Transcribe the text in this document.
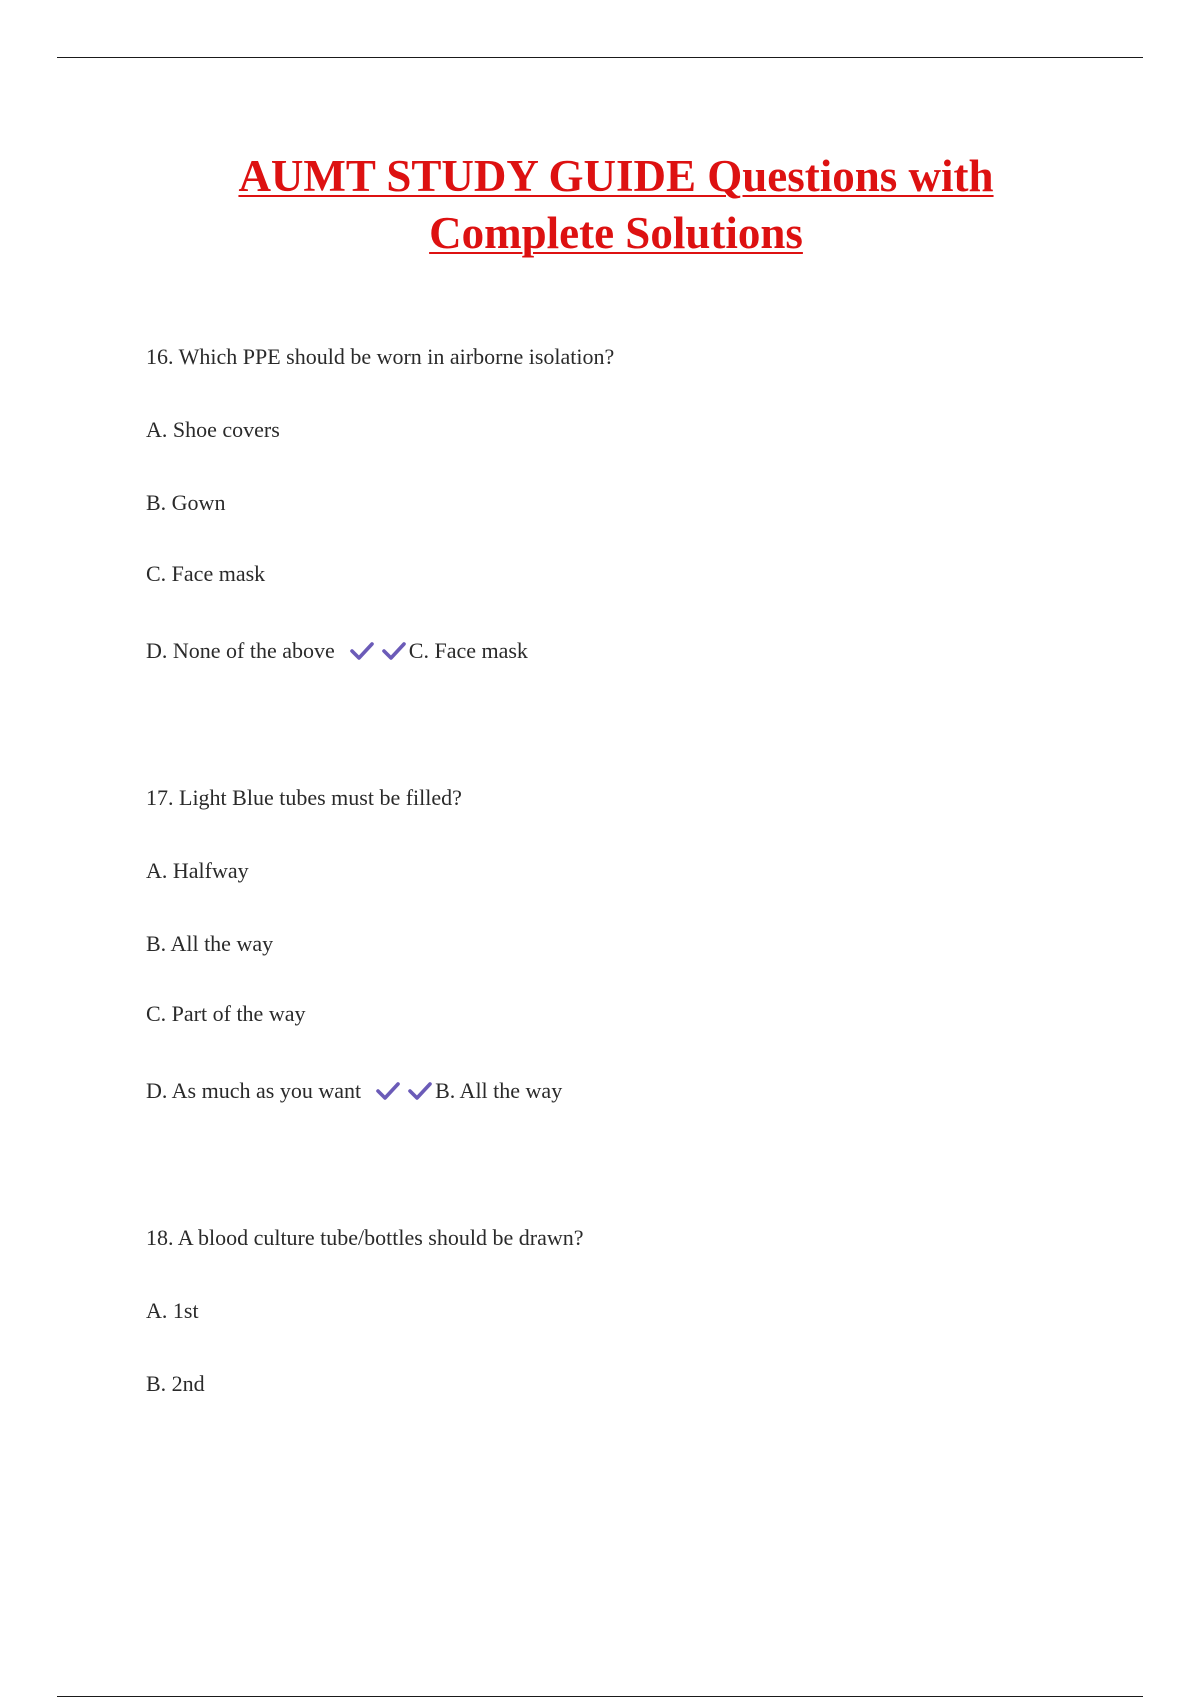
AUMT STUDY GUIDE Questions with
Complete Solutions
16. Which PPE should be worn in airborne isolation?
A. Shoe covers
B. Gown
C. Face mask
D. None of the above	C. Face mask
17. Light Blue tubes must be filled?
A. Halfway
B. All the way
C. Part of the way
D. As much as you want	B. All the way
18. A blood culture tube/bottles should be drawn?
A. 1st
B. 2nd
